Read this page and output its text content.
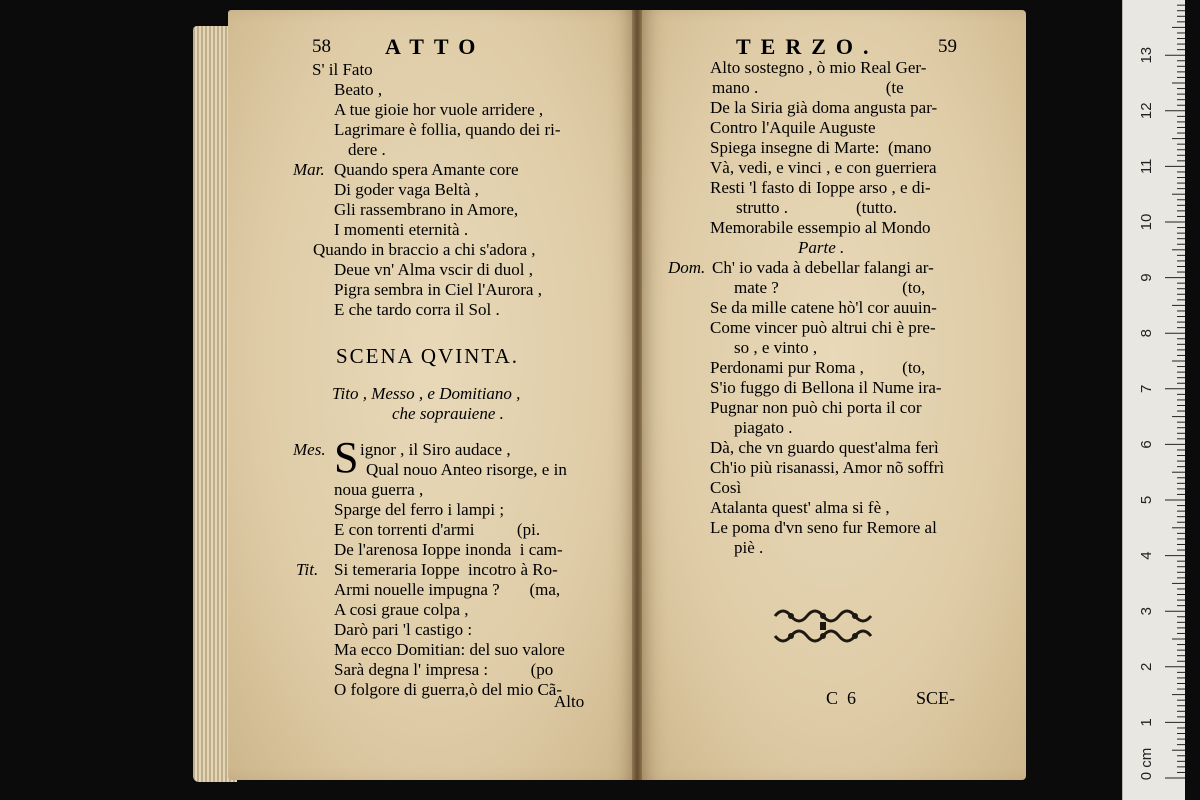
58 ATTO
S' il Fato
Beato ,
A tue gioie hor vuole arridere ,
Lagrimare è follia, quando dei ri-
dere .
Mar. Quando spera Amante core
Di goder vaga Beltà ,
Gli rassembrano in Amore,
I momenti eternità .
Quando in braccio a chi s'adora ,
Deue vn' Alma vscir di duol ,
Pigra sembra in Ciel l'Aurora ,
E che tardo corra il Sol .
SCENA QVINTA.
Tito , Messo , e Domitiano ,
che soprauiene .
Mes. S ignor , il Siro audace ,
Qual nouo Anteo risorge, e in
noua guerra ,
Sparge del ferro i lampi ;
E con torrenti d'armi          (pi.
De l'arenosa Ioppe inonda  i cam-
Tit. Si temeraria Ioppe  incotro à Ro-
Armi nouelle impugna ?       (ma,
A cosi graue colpa ,
Darò pari 'l castigo :
Ma ecco Domitian: del suo valore
Sarà degna l' impresa :          (po
O folgore di guerra,ò del mio Cã-
Alto
TERZO.	59
Alto sostegno , ò mio Real Ger-
mano .                              (te
De la Siria già doma angusta par-
Contro l'Aquile Auguste
Spiega insegne di Marte:  (mano
Và, vedi, e vinci , e con guerriera
Resti 'l fasto di Ioppe arso , e di-
strutto .                (tutto.
Memorabile essempio al Mondo
Parte .
Dom. Ch' io vada à debellar falangi ar-
mate ?                             (to,
Se da mille catene hò'l cor auuin-
Come vincer può altrui chi è pre-
so , e vinto ,
Perdonami pur Roma ,         (to,
S'io fuggo di Bellona il Nume ira-
Pugnar non può chi porta il cor
piagato .
Dà, che vn guardo quest'alma ferì
Ch'io più risanassi, Amor nõ soffrì
Così
Atalanta quest' alma si fè ,
Le poma d'vn seno fur Remore al
piè .
C  6	SCE-
0 cm
1
2
3
4
5
6
7
8
9
10
11
12
13
